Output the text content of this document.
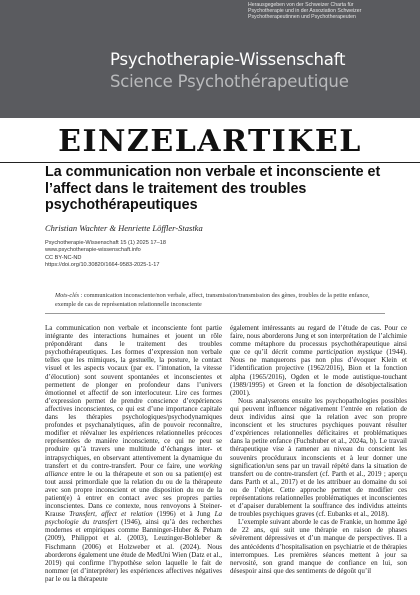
Herausgegeben von der Schweizer Charta für
Psychotherapie und in der Assoziation Schweizer
Psychotherapeutinnen und Psychotherapeuten
Psychotherapie-Wissenschaft
Science Psychothérapeutique
EINZELARTIKEL
La communication non verbale et inconsciente et l’affect dans le traitement des troubles psychothérapeutiques
Christian Wachter & Henriette Löffler-Stastka
Psychotherapie-Wissenschaft 15 (1) 2025 17–18
www.psychotherapie-wissenschaft.info
CC BY-NC-ND
https://doi.org/10.30820/1664-9583-2025-1-17
Mots-clés : communication inconsciente/non verbale, affect, transmission/transmission des gènes, troubles de la petite enfance, exemple de cas de représentation relationnelle inconsciente

La communication non verbale et inconsciente font partie intégrante des interactions humaines et jouent un rôle prépondérant dans le traitement des troubles psychothérapeutiques. Les formes d’expression non verbale telles que les mimiques, la gestuelle, la posture, le contact visuel et les aspects vocaux (par ex. l’intonation, la vitesse d’élocution) sont souvent spontanées et inconscientes et permettent de plonger en profondeur dans l’univers émotionnel et affectif de son interlocuteur. Lire ces formes d’expression permet de prendre conscience d’expériences affectives inconscientes, ce qui est d’une importance capitale dans les thérapies psychologiques/psychodynamiques profondes et psychanalytiques, afin de pouvoir reconnaître, modifier et réévaluer les expériences relationnelles précoces représentées de manière inconsciente, ce qui ne peut se produire qu’à travers une multitude d’échanges inter- et intrapsychiques, en observant attentivement la dynamique du transfert et du contre-transfert. Pour ce faire, une working alliance entre le ou la thérapeute et son ou sa patient(e) est tout aussi primordiale que la relation du ou de la thérapeute avec son propre inconscient et une disposition du ou de la patient(e) à entrer en contact avec ses propres parties inconscientes. Dans ce contexte, nous renvoyons à Steiner-Krause Transfert, affect et relation (1996) et à Jung La psychologie du transfert (1946), ainsi qu’à des recherches modernes et empiriques comme Banninger-Huber & Peham (2009), Philippot et al. (2003), Leuzinger-Bohleber & Fischmann (2006) et Holzweber et al. (2024). Nous aborderons également une étude de MedUni Wien (Datz et al., 2019) qui confirme l’hypothèse selon laquelle le fait de nommer (et d’interpréter) les expériences affectives négatives par le ou la thérapeute

également intéressants au regard de l’étude de cas. Pour ce faire, nous aborderons Jung et son interprétation de l’alchimie comme métaphore du processus psychothérapeutique ainsi que ce qu’il décrit comme participation mystique (1944). Nous ne manquerons pas non plus d’évoquer Klein et l’identification projective (1962/2016), Bion et la fonction alpha (1965/2016), Ogden et le mode autistique-touchant (1989/1995) et Green et la fonction de désobjectalisation (2001).

Nous analyserons ensuite les psychopathologies possibles qui peuvent influencer négativement l’entrée en relation de deux individus ainsi que la relation avec son propre inconscient et les structures psychiques pouvant résulter d’expériences relationnelles déficitaires et problématiques dans la petite enfance (Fuchshuber et al., 2024a, b). Le travail thérapeutique vise à ramener au niveau du conscient les souvenirs procéduraux inconscients et à leur donner une signification/un sens par un travail répété dans la situation de transfert ou de contre-transfert (cf. Parth et al., 2019 ; aperçu dans Parth et al., 2017) et de les attribuer au domaine du soi ou de l’objet. Cette approche permet de modifier ces représentations relationnelles problématiques et inconscientes et d’apaiser durablement la souffrance des individus atteints de troubles psychiques graves (cf. Eubanks et al., 2018).

L’exemple suivant aborde le cas de Frankie, un homme âgé de 22 ans, qui suit une thérapie en raison de phases sévèrement dépressives et d’un manque de perspectives. Il a des antécédents d’hospitalisation en psychiatrie et de thérapies interrompues. Les premières séances mettent à jour sa nervosité, son grand manque de confiance en lui, son désespoir ainsi que des sentiments de dégoût qu’il
